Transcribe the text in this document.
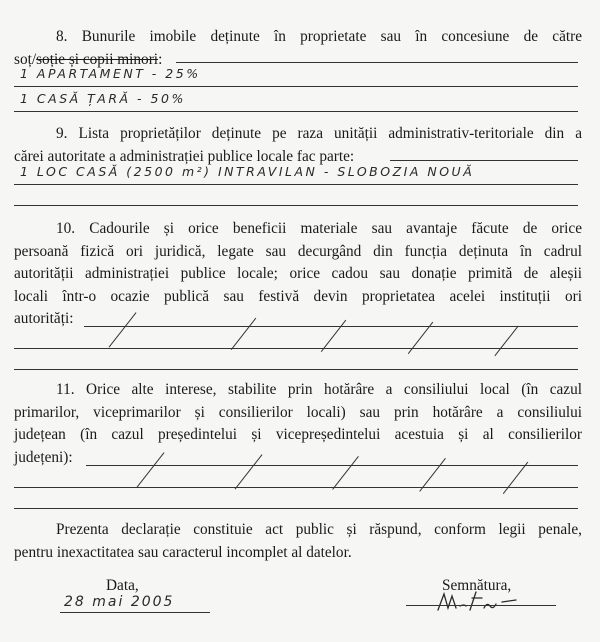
8. Bunurile imobile deținute în proprietate sau în concesiune de către
soț/soție și copii minori:
1 APARTAMENT - 25%
1 CASĂ ȚARĂ - 50%
9. Lista proprietăților deținute pe raza unității administrativ-teritoriale din a
cărei autoritate a administrației publice locale fac parte:
1 LOC CASĂ (2500 m²) INTRAVILAN - SLOBOZIA NOUĂ
10. Cadourile și orice beneficii materiale sau avantaje făcute de orice
persoană fizică ori juridică, legate sau decurgând din funcția deținuta în cadrul
autorității administrației publice locale; orice cadou sau donație primită de aleșii
locali într-o ocazie publică sau festivă devin proprietatea acelei instituții ori
autorități:
11. Orice alte interese, stabilite prin hotărâre a consiliului local (în cazul
primarilor, viceprimarilor și consilierilor locali) sau prin hotărâre a consiliului
județean (în cazul președintelui și vicepreședintelui acestuia și al consilierilor
județeni):
Prezenta declarație constituie act public și răspund, conform legii penale,
pentru inexactitatea sau caracterul incomplet al datelor.
Data,
28 mai 2005
Semnătura,
